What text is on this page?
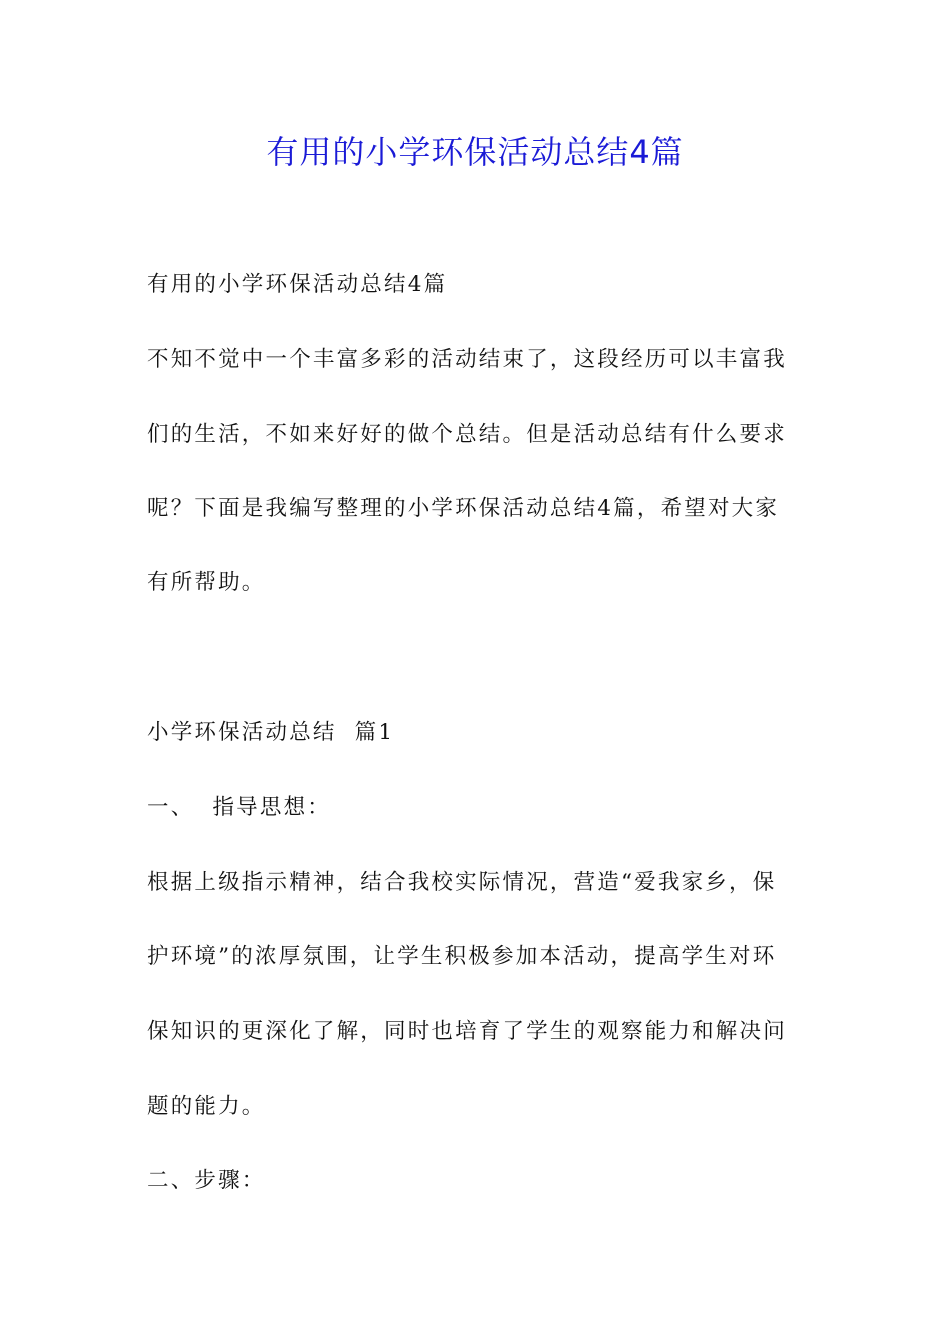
有用的小学环保活动总结4篇

有用的小学环保活动总结4篇

不知不觉中一个丰富多彩的活动结束了，这段经历可以丰富我

们的生活，不如来好好的做个总结。但是活动总结有什么要求

呢？下面是我编写整理的小学环保活动总结4篇，希望对大家

有所帮助。

小学环保活动总结  篇1

一、  指导思想：

根据上级指示精神，结合我校实际情况，营造“爱我家乡，保

护环境”的浓厚氛围，让学生积极参加本活动，提高学生对环

保知识的更深化了解，同时也培育了学生的观察能力和解决问

题的能力。

二、步骤：
